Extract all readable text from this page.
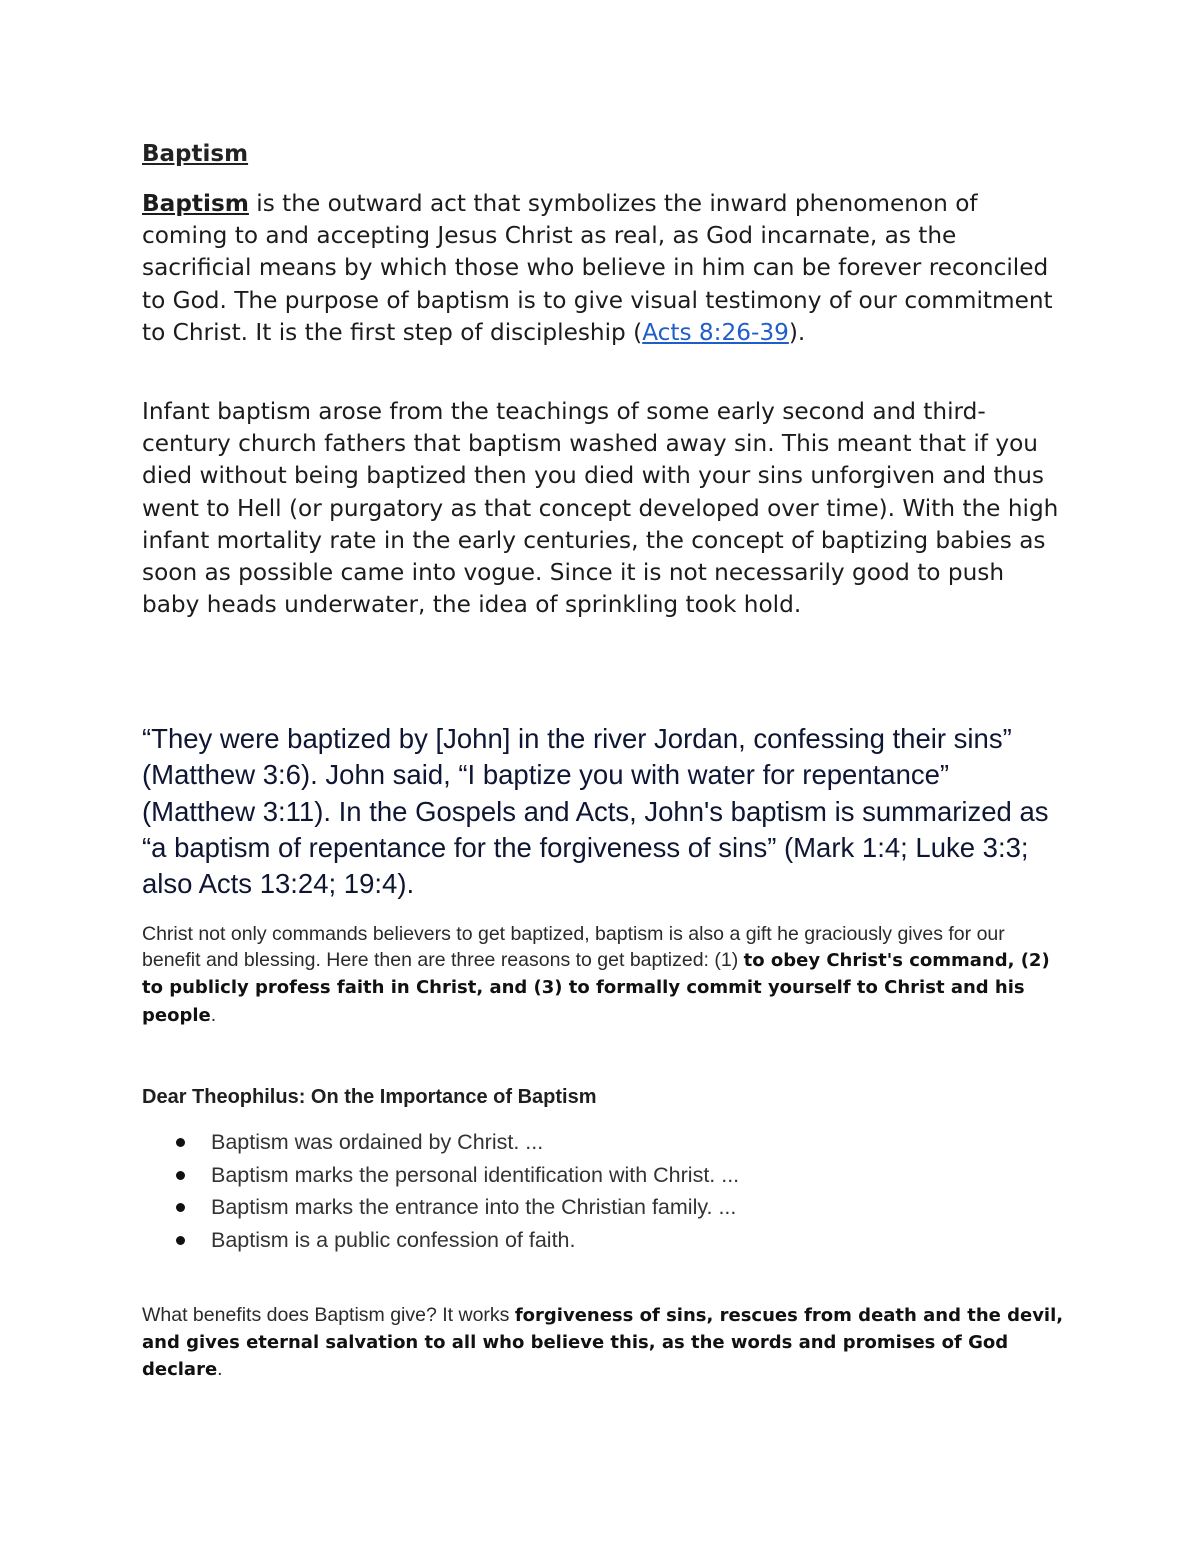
Baptism

Baptism is the outward act that symbolizes the inward phenomenon of coming to and accepting Jesus Christ as real, as God incarnate, as the sacrificial means by which those who believe in him can be forever reconciled to God. The purpose of baptism is to give visual testimony of our commitment to Christ. It is the first step of discipleship (Acts 8:26-39).

Infant baptism arose from the teachings of some early second and third-century church fathers that baptism washed away sin. This meant that if you died without being baptized then you died with your sins unforgiven and thus went to Hell (or purgatory as that concept developed over time). With the high infant mortality rate in the early centuries, the concept of baptizing babies as soon as possible came into vogue. Since it is not necessarily good to push baby heads underwater, the idea of sprinkling took hold.

“They were baptized by [John] in the river Jordan, confessing their sins” (Matthew 3:6). John said, “I baptize you with water for repentance” (Matthew 3:11). In the Gospels and Acts, John's baptism is summarized as “a baptism of repentance for the forgiveness of sins” (Mark 1:4; Luke 3:3; also Acts 13:24; 19:4).

Christ not only commands believers to get baptized, baptism is also a gift he graciously gives for our benefit and blessing. Here then are three reasons to get baptized: (1) to obey Christ's command, (2) to publicly profess faith in Christ, and (3) to formally commit yourself to Christ and his people.

Dear Theophilus: On the Importance of Baptism

Baptism was ordained by Christ. ...
Baptism marks the personal identification with Christ. ...
Baptism marks the entrance into the Christian family. ...
Baptism is a public confession of faith.

What benefits does Baptism give? It works forgiveness of sins, rescues from death and the devil, and gives eternal salvation to all who believe this, as the words and promises of God declare.
